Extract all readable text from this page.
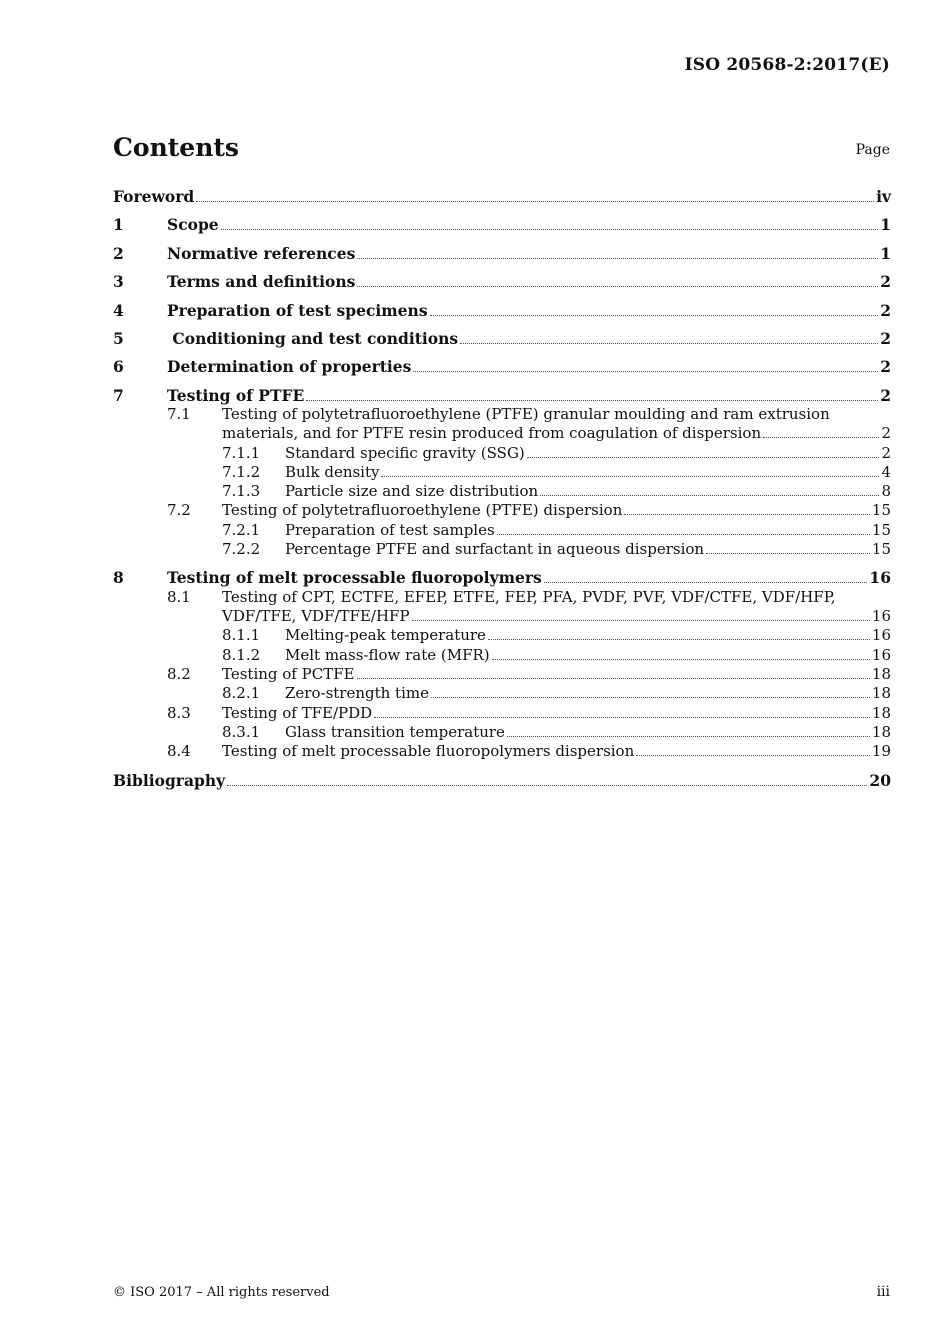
ISO 20568-2:2017(E)
Contents	Page
Foreword	iv
1	Scope	1
2	Normative references	1
3	Terms and definitions	2
4	Preparation of test specimens	2
5	Conditioning and test conditions	2
6	Determination of properties	2
7	Testing of PTFE	2
7.1 Testing of polytetrafluoroethylene (PTFE) granular moulding and ram extrusion
materials, and for PTFE resin produced from coagulation of dispersion	2
7.1.1 Standard specific gravity (SSG)	2
7.1.2 Bulk density	4
7.1.3 Particle size and size distribution	8
7.2 Testing of polytetrafluoroethylene (PTFE) dispersion	15
7.2.1 Preparation of test samples	15
7.2.2 Percentage PTFE and surfactant in aqueous dispersion	15
8	Testing of melt processable fluoropolymers	16
8.1 Testing of CPT, ECTFE, EFEP, ETFE, FEP, PFA, PVDF, PVF, VDF/CTFE, VDF/HFP,
VDF/TFE, VDF/TFE/HFP	16
8.1.1 Melting-peak temperature	16
8.1.2 Melt mass-flow rate (MFR)	16
8.2 Testing of PCTFE	18
8.2.1 Zero-strength time	18
8.3 Testing of TFE/PDD	18
8.3.1 Glass transition temperature	18
8.4 Testing of melt processable fluoropolymers dispersion	19
Bibliography	20
© ISO 2017 – All rights reserved	iii
